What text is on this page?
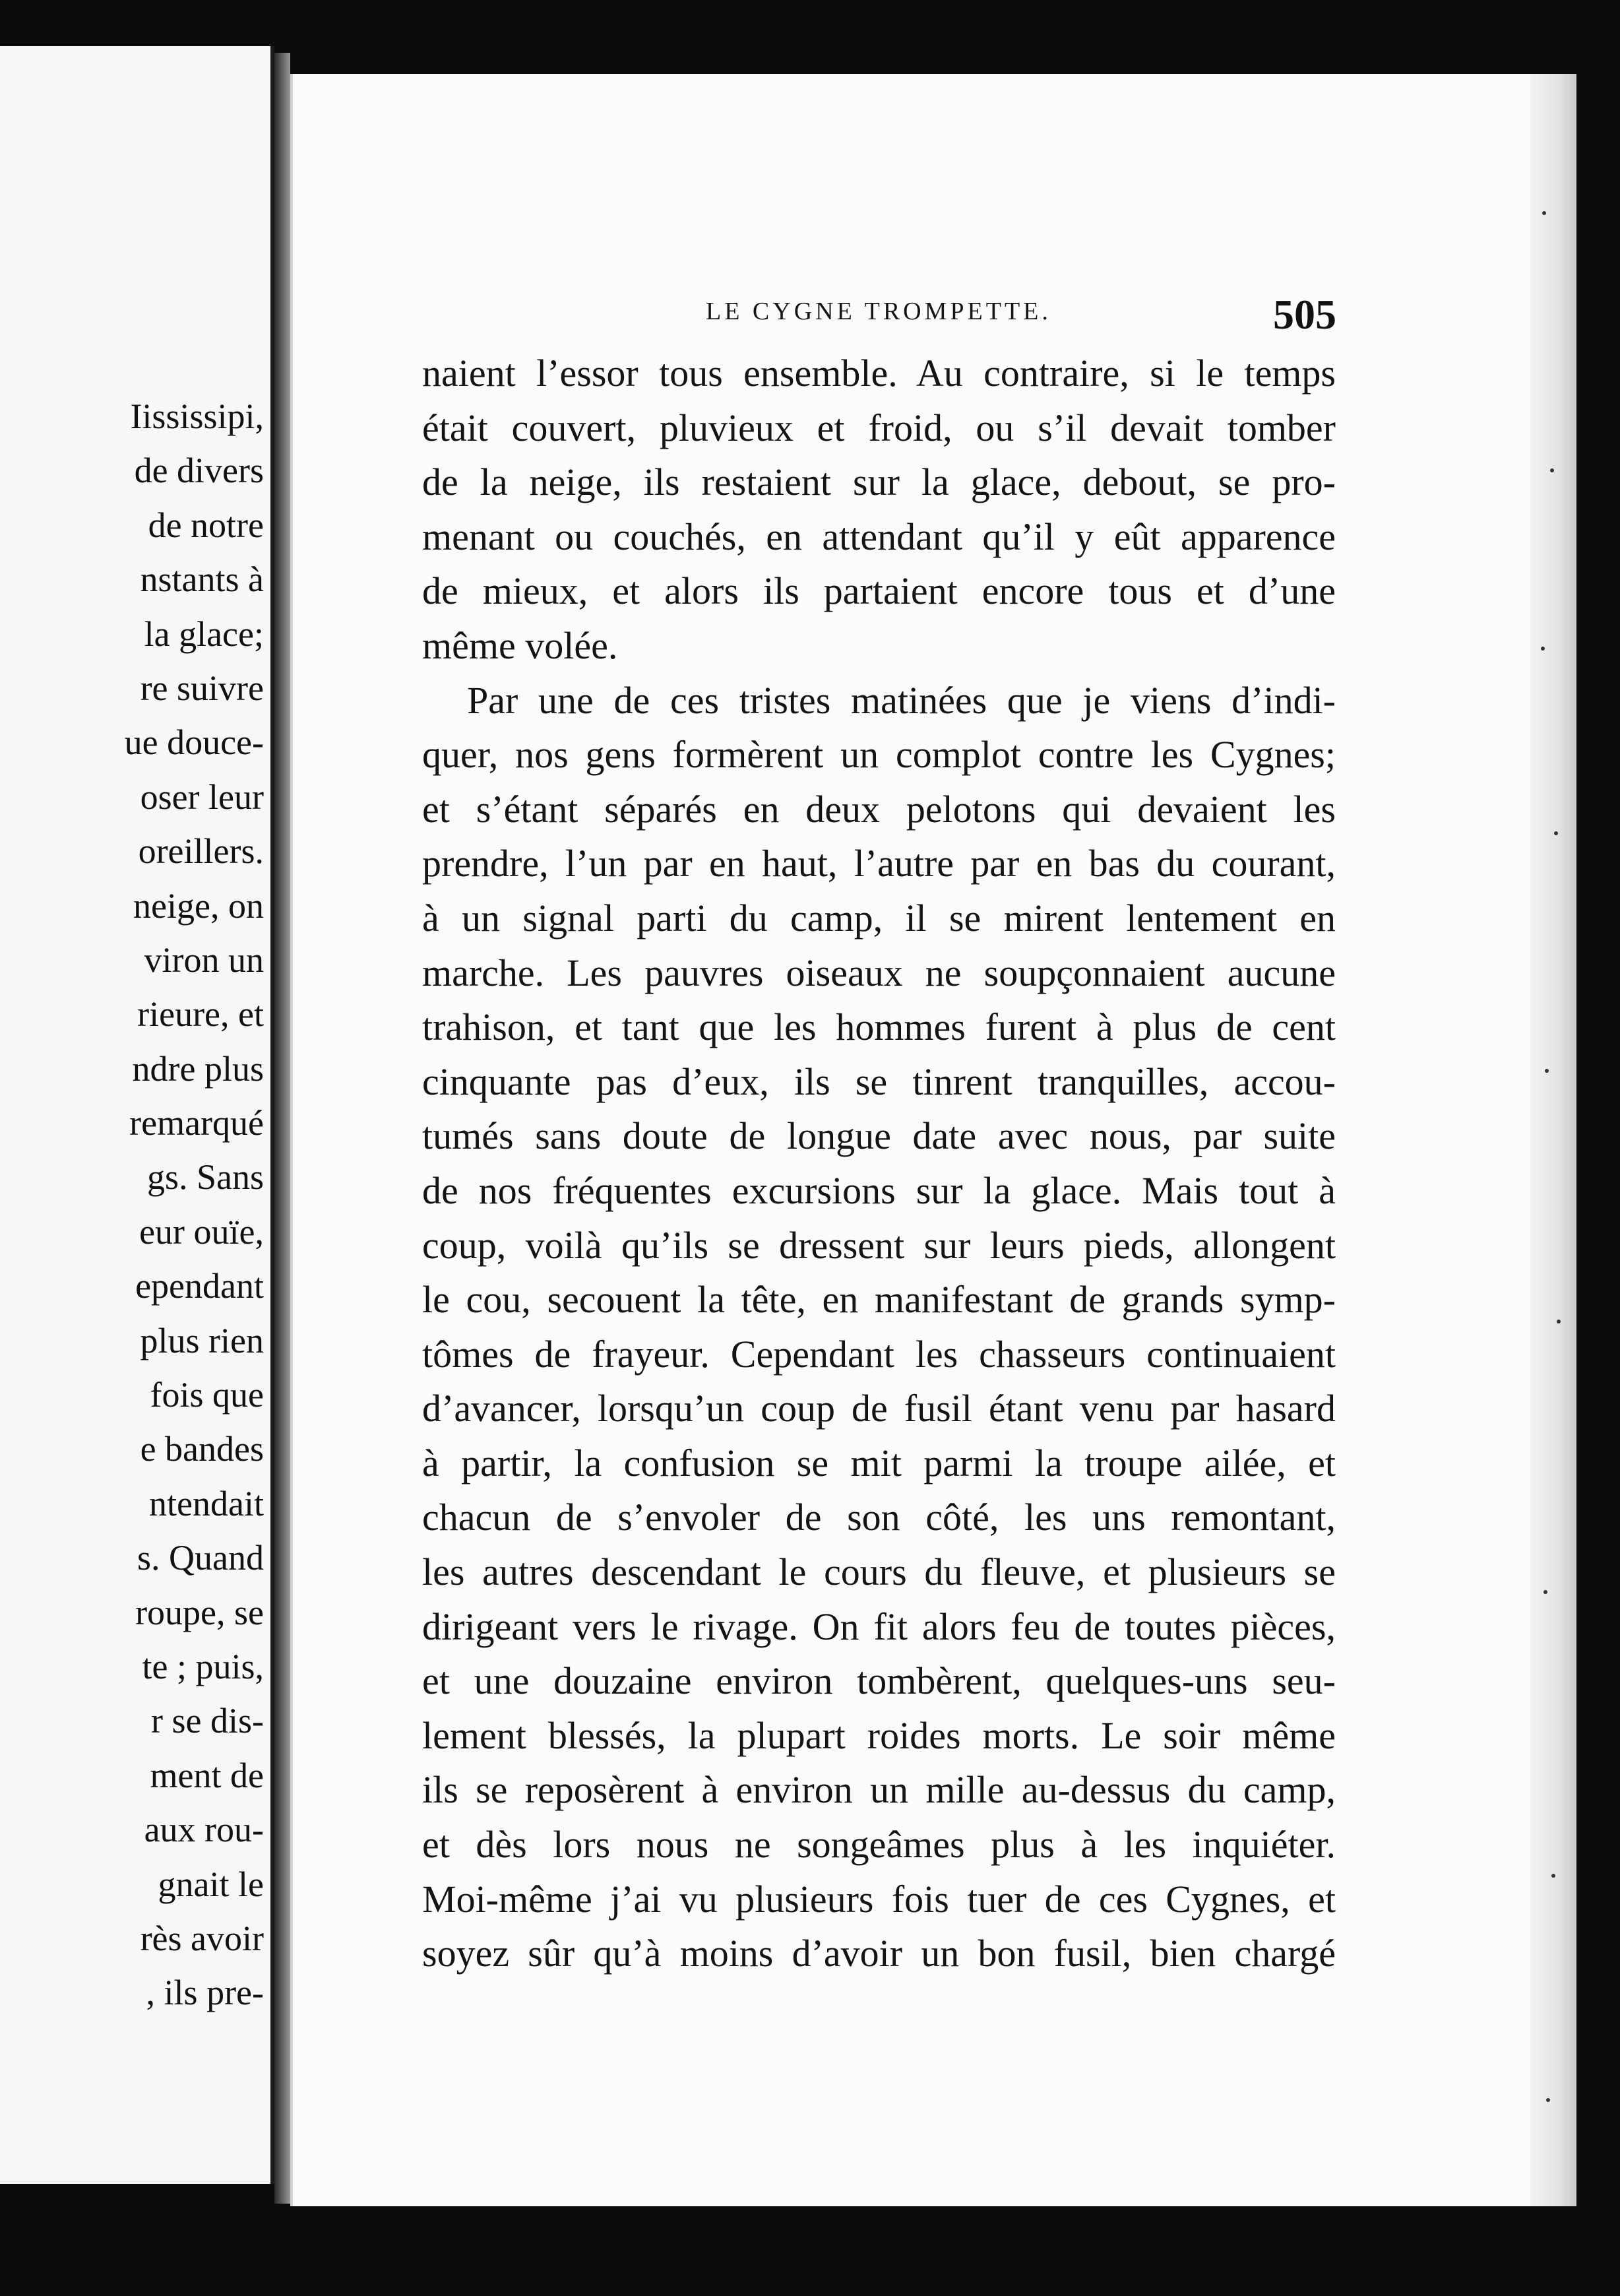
Iississipi,
de divers
de notre
nstants à
la glace;
re suivre
ue douce-
oser leur
oreillers.
neige, on
viron un
rieure, et
ndre plus
remarqué
gs. Sans
eur ouïe,
ependant
plus rien
fois que
e bandes
ntendait
s. Quand
roupe, se
te ; puis,
r se dis-
ment de
aux rou-
gnait le
rès avoir
, ils pre-
LE CYGNE TROMPETTE.	505
naient l’essor tous ensemble. Au contraire, si le temps
était couvert, pluvieux et froid, ou s’il devait tomber
de la neige, ils restaient sur la glace, debout, se pro-
menant ou couchés, en attendant qu’il y eût apparence
de mieux, et alors ils partaient encore tous et d’une
même volée.
Par une de ces tristes matinées que je viens d’indi-
quer, nos gens formèrent un complot contre les Cygnes;
et s’étant séparés en deux pelotons qui devaient les
prendre, l’un par en haut, l’autre par en bas du courant,
à un signal parti du camp, il se mirent lentement en
marche. Les pauvres oiseaux ne soupçonnaient aucune
trahison, et tant que les hommes furent à plus de cent
cinquante pas d’eux, ils se tinrent tranquilles, accou-
tumés sans doute de longue date avec nous, par suite
de nos fréquentes excursions sur la glace. Mais tout à
coup, voilà qu’ils se dressent sur leurs pieds, allongent
le cou, secouent la tête, en manifestant de grands symp-
tômes de frayeur. Cependant les chasseurs continuaient
d’avancer, lorsqu’un coup de fusil étant venu par hasard
à partir, la confusion se mit parmi la troupe ailée, et
chacun de s’envoler de son côté, les uns remontant,
les autres descendant le cours du fleuve, et plusieurs se
dirigeant vers le rivage. On fit alors feu de toutes pièces,
et une douzaine environ tombèrent, quelques-uns seu-
lement blessés, la plupart roides morts. Le soir même
ils se reposèrent à environ un mille au-dessus du camp,
et dès lors nous ne songeâmes plus à les inquiéter.
Moi-même j’ai vu plusieurs fois tuer de ces Cygnes, et
soyez sûr qu’à moins d’avoir un bon fusil, bien chargé
